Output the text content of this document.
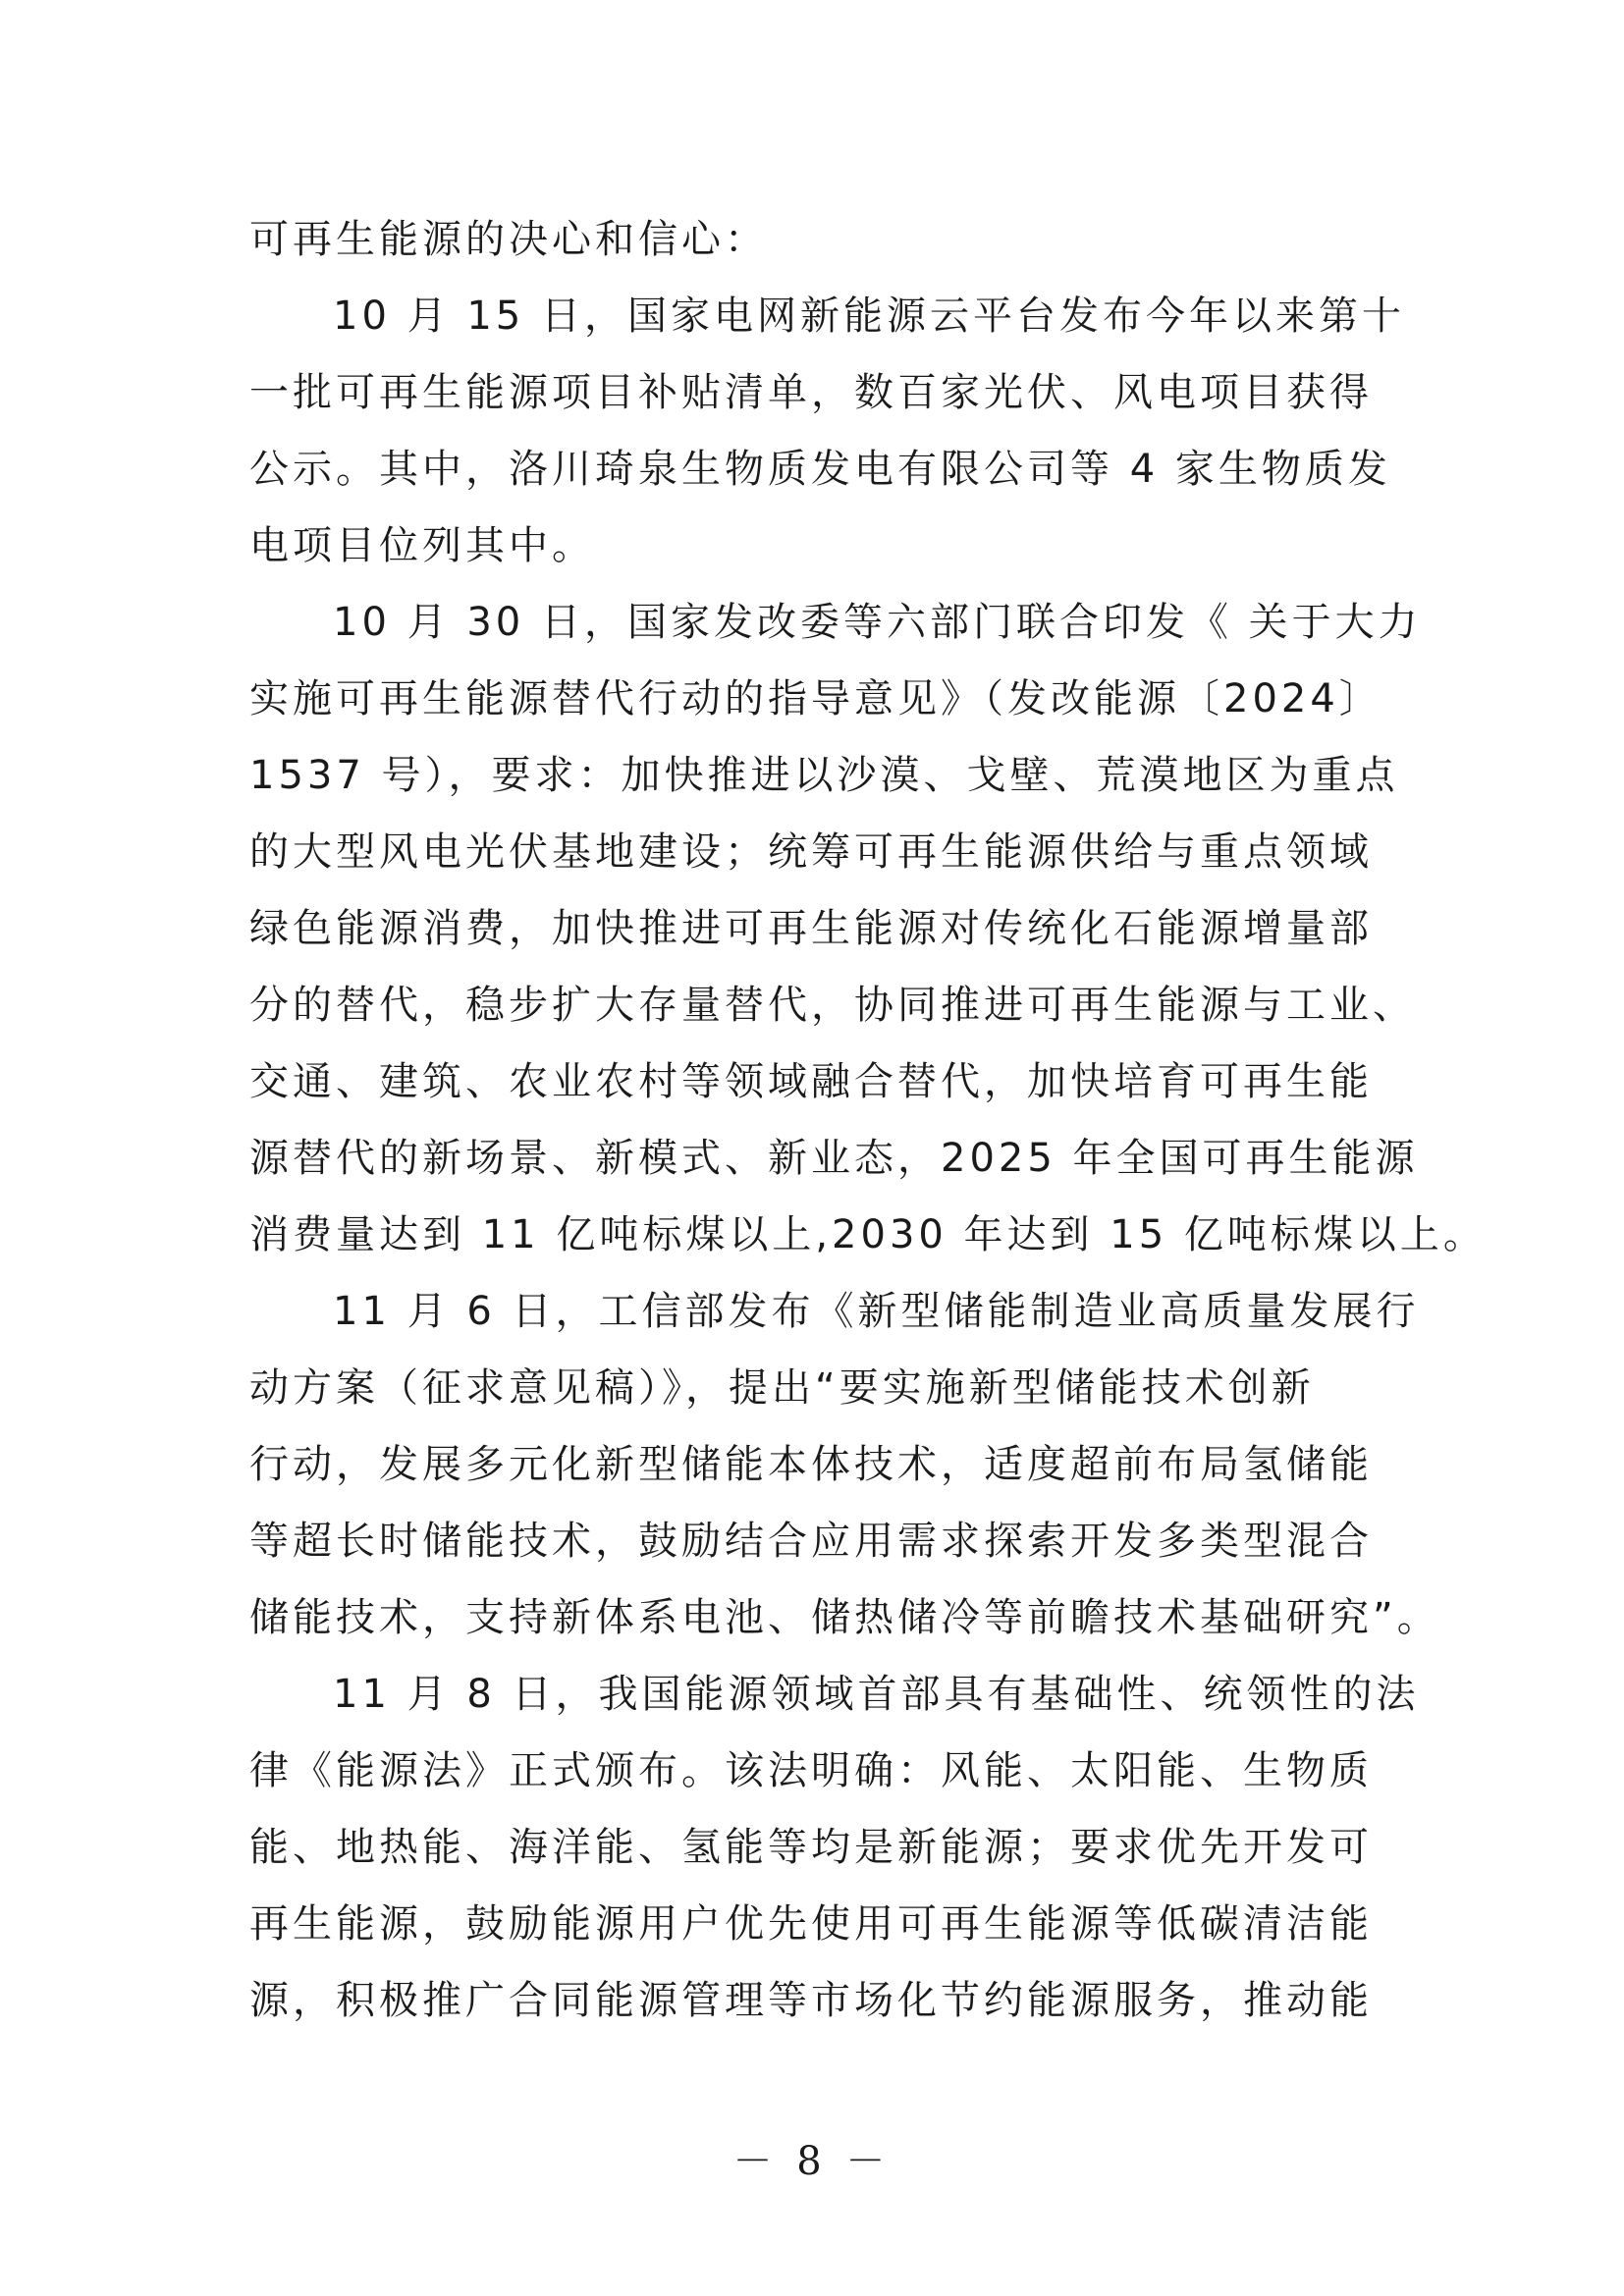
可再生能源的决心和信心：
10 月 15 日，国家电网新能源云平台发布今年以来第十
一批可再生能源项目补贴清单，数百家光伏、风电项目获得
公示。其中，洛川琦泉生物质发电有限公司等 4 家生物质发
电项目位列其中。
10 月 30 日，国家发改委等六部门联合印发《 关于大力
实施可再生能源替代行动的指导意见》（发改能源〔2024〕
1537 号），要求：加快推进以沙漠、戈壁、荒漠地区为重点
的大型风电光伏基地建设；统筹可再生能源供给与重点领域
绿色能源消费，加快推进可再生能源对传统化石能源增量部
分的替代，稳步扩大存量替代，协同推进可再生能源与工业、
交通、建筑、农业农村等领域融合替代，加快培育可再生能
源替代的新场景、新模式、新业态，2025 年全国可再生能源
消费量达到 11 亿吨标煤以上,2030 年达到 15 亿吨标煤以上。
11 月 6 日，工信部发布《新型储能制造业高质量发展行
动方案（征求意见稿）》，提出“要实施新型储能技术创新
行动，发展多元化新型储能本体技术，适度超前布局氢储能
等超长时储能技术，鼓励结合应用需求探索开发多类型混合
储能技术，支持新体系电池、储热储冷等前瞻技术基础研究”。
11 月 8 日，我国能源领域首部具有基础性、统领性的法
律《能源法》正式颁布。该法明确：风能、太阳能、生物质
能、地热能、海洋能、氢能等均是新能源；要求优先开发可
再生能源，鼓励能源用户优先使用可再生能源等低碳清洁能
源，积极推广合同能源管理等市场化节约能源服务，推动能
－ 8 －
